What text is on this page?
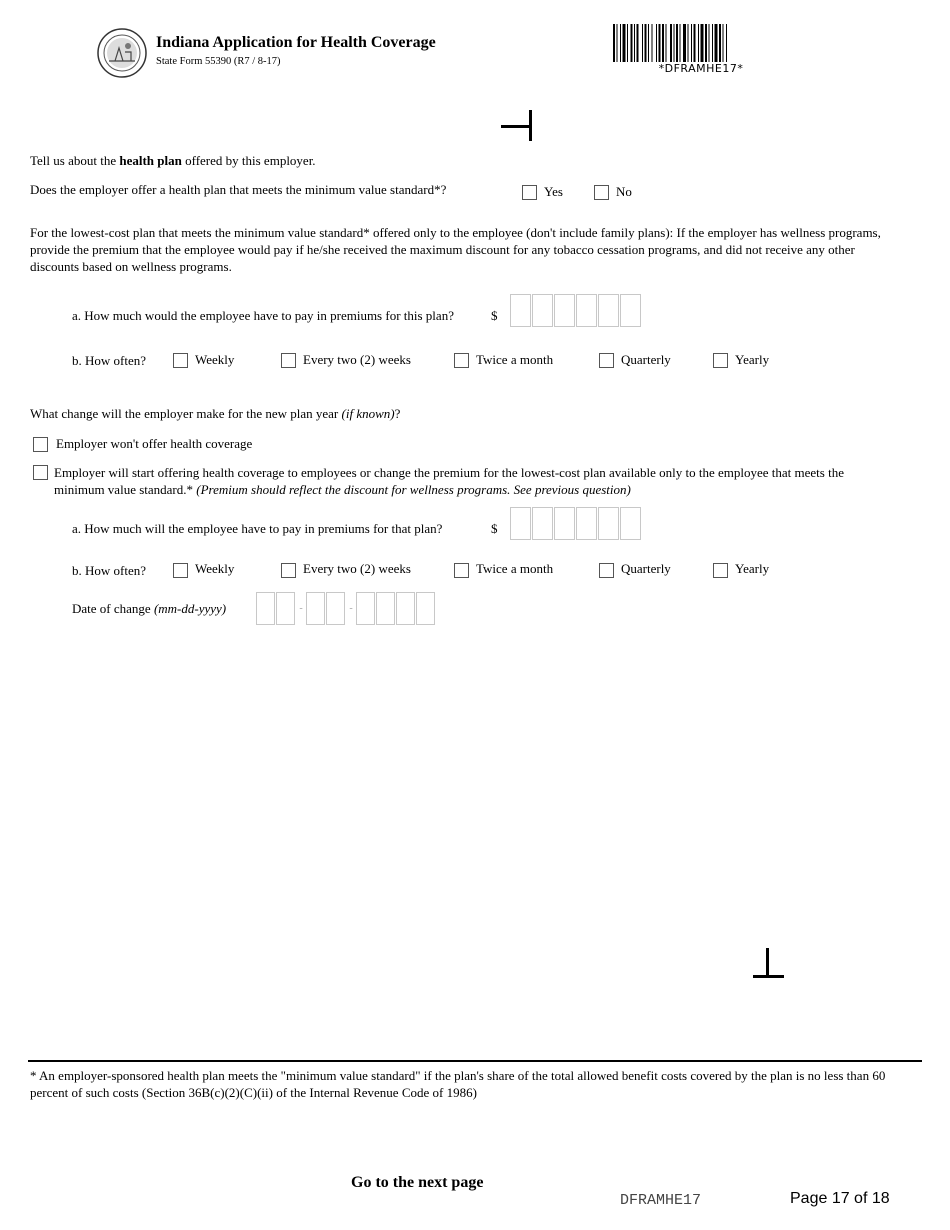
Indiana Application for Health Coverage
State Form 55390 (R7 / 8-17)
*DFRAMHE17*
Tell us about the health plan offered by this employer.
Does the employer offer a health plan that meets the minimum value standard*?	Yes	No
For the lowest-cost plan that meets the minimum value standard* offered only to the employee (don't include family plans): If the employer has wellness programs, provide the premium that the employee would pay if he/she received the maximum discount for any tobacco cessation programs, and did not receive any other discounts based on wellness programs.
a. How much would the employee have to pay in premiums for this plan?	$
b. How often?	Weekly	Every two (2) weeks	Twice a month	Quarterly	Yearly
What change will the employer make for the new plan year (if known)?
Employer won't offer health coverage
Employer will start offering health coverage to employees or change the premium for the lowest-cost plan available only to the employee that meets the minimum value standard.* (Premium should reflect the discount for wellness programs. See previous question)
a. How much will the employee have to pay in premiums for that plan?	$
b. How often?	Weekly	Every two (2) weeks	Twice a month	Quarterly	Yearly
Date of change (mm-dd-yyyy)	-	-
* An employer-sponsored health plan meets the "minimum value standard" if the plan's share of the total allowed benefit costs covered by the plan is no less than 60 percent of such costs (Section 36B(c)(2)(C)(ii) of the Internal Revenue Code of 1986)
Go to the next page
DFRAMHE17	Page 17 of 18
